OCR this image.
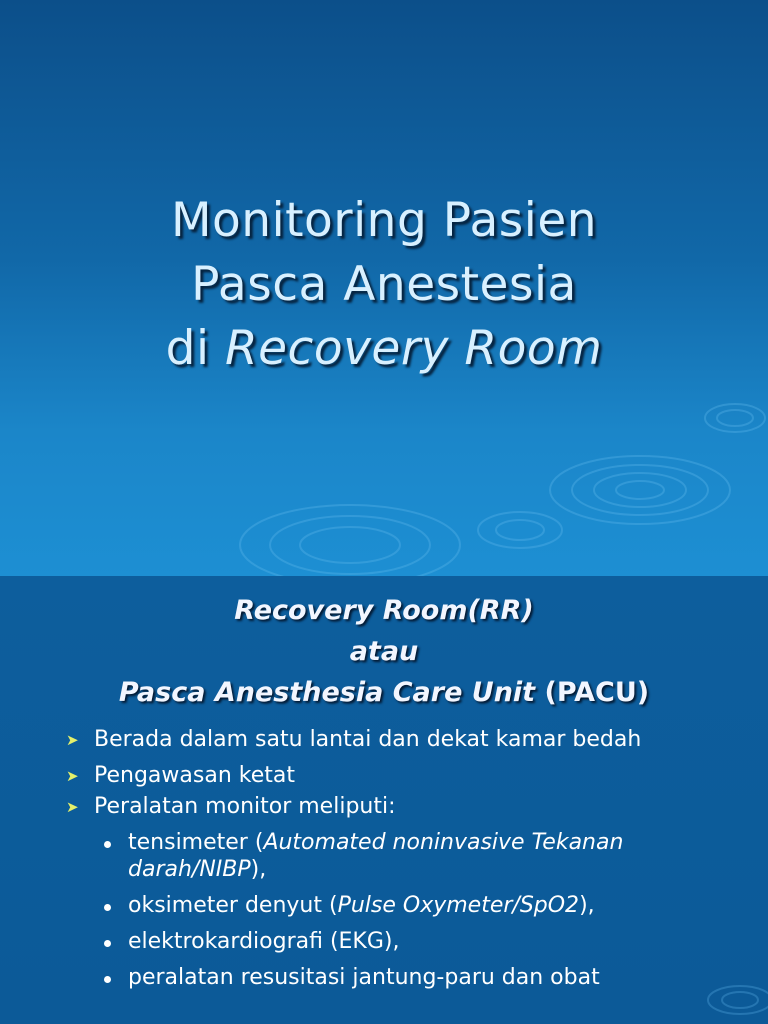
Monitoring Pasien
Pasca Anestesia
di Recovery Room
Recovery Room(RR)
atau
Pasca Anesthesia Care Unit (PACU)
➤ Berada dalam satu lantai dan dekat kamar bedah
➤ Pengawasan ketat
➤ Peralatan monitor meliputi:
tensimeter (Automated noninvasive Tekanan darah/NIBP),
oksimeter denyut (Pulse Oxymeter/SpO2),
elektrokardiografi (EKG),
peralatan resusitasi jantung-paru dan obat
